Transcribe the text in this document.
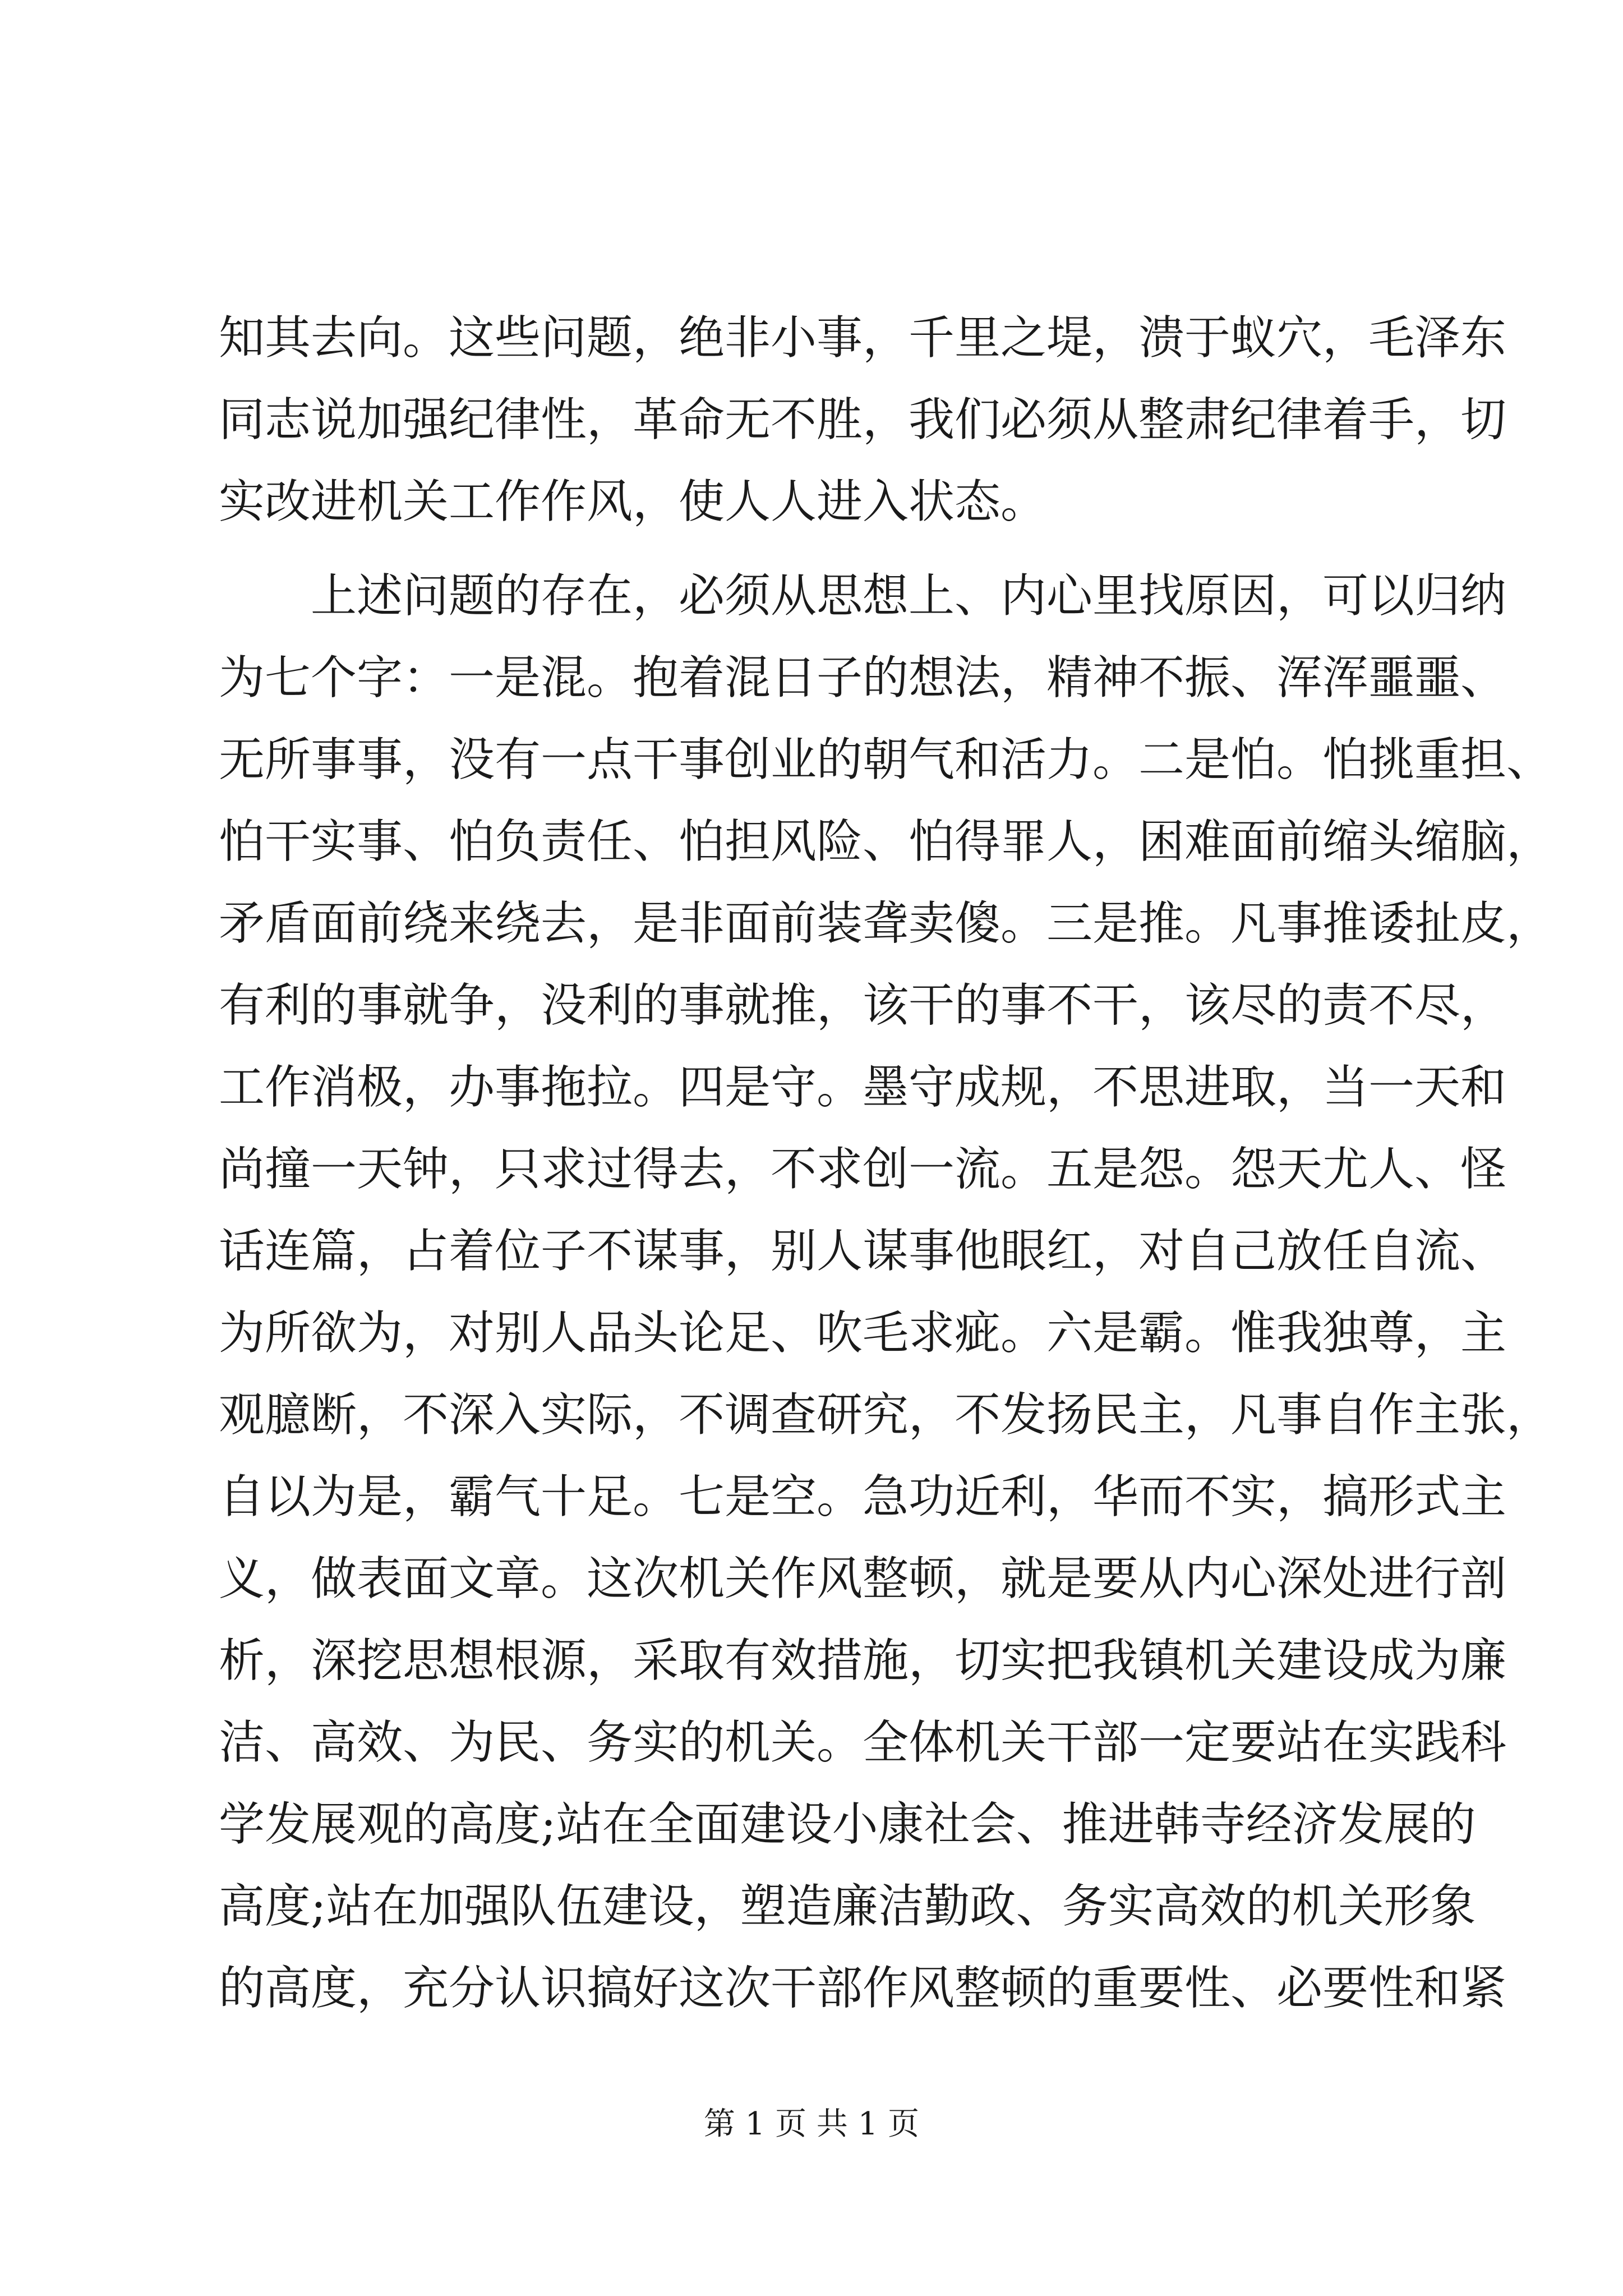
知其去向。这些问题，绝非小事，千里之堤，溃于蚁穴，毛泽东
同志说加强纪律性，革命无不胜，我们必须从整肃纪律着手，切
实改进机关工作作风，使人人进入状态。
　　上述问题的存在，必须从思想上、内心里找原因，可以归纳
为七个字：一是混。抱着混日子的想法，精神不振、浑浑噩噩、
无所事事，没有一点干事创业的朝气和活力。二是怕。怕挑重担、
怕干实事、怕负责任、怕担风险、怕得罪人，困难面前缩头缩脑，
矛盾面前绕来绕去，是非面前装聋卖傻。三是推。凡事推诿扯皮，
有利的事就争，没利的事就推，该干的事不干，该尽的责不尽，
工作消极，办事拖拉。四是守。墨守成规，不思进取，当一天和
尚撞一天钟，只求过得去，不求创一流。五是怨。怨天尤人、怪
话连篇，占着位子不谋事，别人谋事他眼红，对自己放任自流、
为所欲为，对别人品头论足、吹毛求疵。六是霸。惟我独尊，主
观臆断，不深入实际，不调查研究，不发扬民主，凡事自作主张，
自以为是，霸气十足。七是空。急功近利，华而不实，搞形式主
义，做表面文章。这次机关作风整顿，就是要从内心深处进行剖
析，深挖思想根源，采取有效措施，切实把我镇机关建设成为廉
洁、高效、为民、务实的机关。全体机关干部一定要站在实践科
学发展观的高度;站在全面建设小康社会、推进韩寺经济发展的
高度;站在加强队伍建设，塑造廉洁勤政、务实高效的机关形象
的高度，充分认识搞好这次干部作风整顿的重要性、必要性和紧
第 1 页 共 1 页
